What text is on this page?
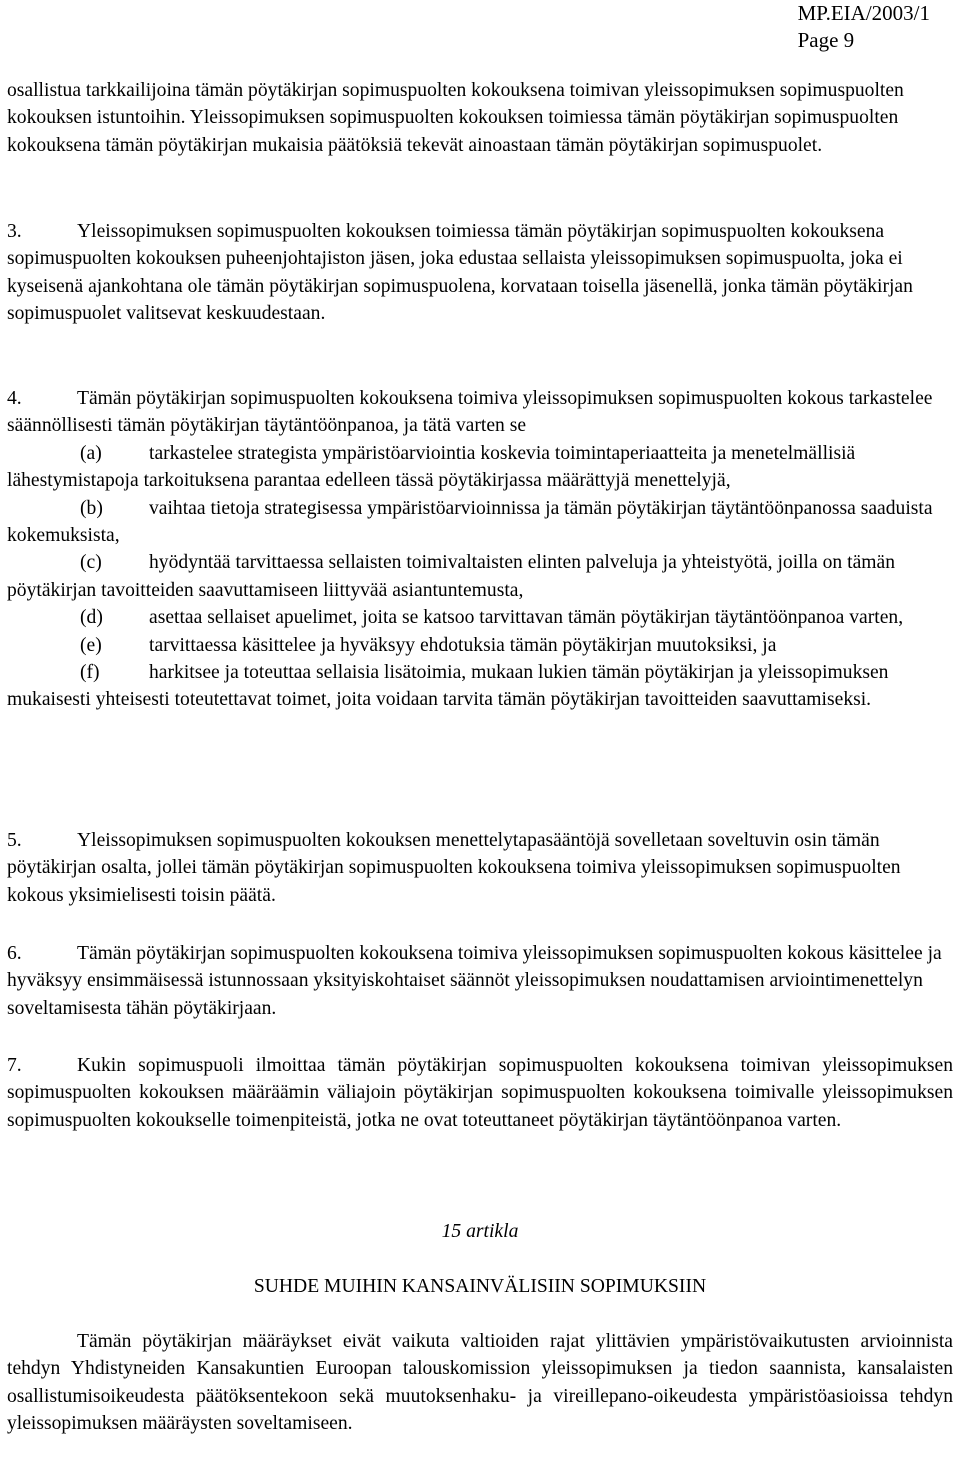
MP.EIA/2003/1
Page 9

osallistua tarkkailijoina tämän pöytäkirjan sopimuspuolten kokouksena toimivan yleissopimuksen sopimuspuolten kokouksen istuntoihin. Yleissopimuksen sopimuspuolten kokouksen toimiessa tämän pöytäkirjan sopimuspuolten kokouksena tämän pöytäkirjan mukaisia päätöksiä tekevät ainoastaan tämän pöytäkirjan sopimuspuolet.

3.	Yleissopimuksen sopimuspuolten kokouksen toimiessa tämän pöytäkirjan sopimuspuolten kokouksena sopimuspuolten kokouksen puheenjohtajiston jäsen, joka edustaa sellaista yleissopimuksen sopimuspuolta, joka ei kyseisenä ajankohtana ole tämän pöytäkirjan sopimuspuolena, korvataan toisella jäsenellä, jonka tämän pöytäkirjan sopimuspuolet valitsevat keskuudestaan.

4.	Tämän pöytäkirjan sopimuspuolten kokouksena toimiva yleissopimuksen sopimuspuolten kokous tarkastelee säännöllisesti tämän pöytäkirjan täytäntöönpanoa, ja tätä varten se

(a) tarkastelee strategista ympäristöarviointia koskevia toimintaperiaatteita ja menetelmällisiä lähestymistapoja tarkoituksena parantaa edelleen tässä pöytäkirjassa määrättyjä menettelyjä,

(b) vaihtaa tietoja strategisessa ympäristöarvioinnissa ja tämän pöytäkirjan täytäntöönpanossa saaduista kokemuksista,

(c) hyödyntää tarvittaessa sellaisten toimivaltaisten elinten palveluja ja yhteistyötä, joilla on tämän pöytäkirjan tavoitteiden saavuttamiseen liittyvää asiantuntemusta,

(d) asettaa sellaiset apuelimet, joita se katsoo tarvittavan tämän pöytäkirjan täytäntöönpanoa varten,

(e) tarvittaessa käsittelee ja hyväksyy ehdotuksia tämän pöytäkirjan muutoksiksi, ja

(f)	harkitsee ja toteuttaa sellaisia lisätoimia, mukaan lukien tämän pöytäkirjan ja yleissopimuksen mukaisesti yhteisesti toteutettavat toimet, joita voidaan tarvita tämän pöytäkirjan tavoitteiden saavuttamiseksi.

5.	Yleissopimuksen sopimuspuolten kokouksen menettelytapasääntöjä sovelletaan soveltuvin osin tämän pöytäkirjan osalta, jollei tämän pöytäkirjan sopimuspuolten kokouksena toimiva yleissopimuksen sopimuspuolten kokous yksimielisesti toisin päätä.

6.	Tämän pöytäkirjan sopimuspuolten kokouksena toimiva yleissopimuksen sopimuspuolten kokous käsittelee ja hyväksyy ensimmäisessä istunnossaan yksityiskohtaiset säännöt yleissopimuksen noudattamisen arviointimenettelyn soveltamisesta tähän pöytäkirjaan.

7.	Kukin sopimuspuoli ilmoittaa tämän pöytäkirjan sopimuspuolten kokouksena toimivan yleissopimuksen sopimuspuolten kokouksen määräämin väliajoin pöytäkirjan sopimuspuolten kokouksena toimivalle yleissopimuksen sopimuspuolten kokoukselle toimenpiteistä, jotka ne ovat toteuttaneet pöytäkirjan täytäntöönpanoa varten.

15 artikla
SUHDE MUIHIN KANSAINVÄLISIIN SOPIMUKSIIN

Tämän pöytäkirjan määräykset eivät vaikuta valtioiden rajat ylittävien ympäristövaikutusten arvioinnista tehdyn Yhdistyneiden Kansakuntien Euroopan talouskomission yleissopimuksen ja tiedon saannista, kansalaisten osallistumisoikeudesta päätöksentekoon sekä muutoksenhaku- ja vireillepano-oikeudesta ympäristöasioissa tehdyn yleissopimuksen määräysten soveltamiseen.
